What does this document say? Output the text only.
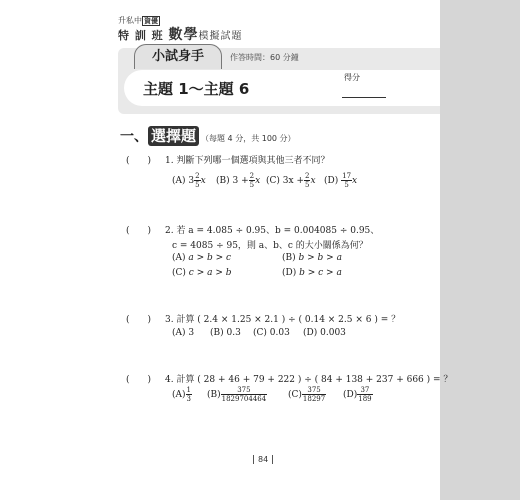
升私中 資優
特 訓 班 數學模擬試題
小試身手	作答時間：60 分鐘
主題 1～主題 6
得分
一、 選擇題 （每題 4 分，共 100 分）
(　　) 1. 判斷下列哪一個選項與其他三者不同？
(A) $3 \frac{2}{5}$ x (B) $3 + \frac{2}{5}$ x (C) $3x + \frac{2}{5}$ x $(D) \frac{17}{5}$ x
(　　) 2. 若 a = 4.085 ÷ 0.95、b = 0.004085 ÷ 0.95、
c = 4085 ÷ 95，則 a、b、c 的大小關係為何？
(A) a > b > c	(B) b > b > a
(C) c > a > b	(D) b > c > a
(　　) 3. 計算 ( 2.4 × 1.25 × 2.1 ) ÷ ( 0.14 × 2.5 × 6 ) = ？
(A) 3 (B) 0.3 (C) 0.03 (D) 0.003
(　　) 4. 計算 ( 28 + 46 + 79 + 222 ) ÷ ( 84 + 138 + 237 + 666 ) = ？
$(A) \frac{1}{3} (B) \frac{375}{1829704464} (C) \frac{375}{18297} (D) \frac{37}{189}$
84
